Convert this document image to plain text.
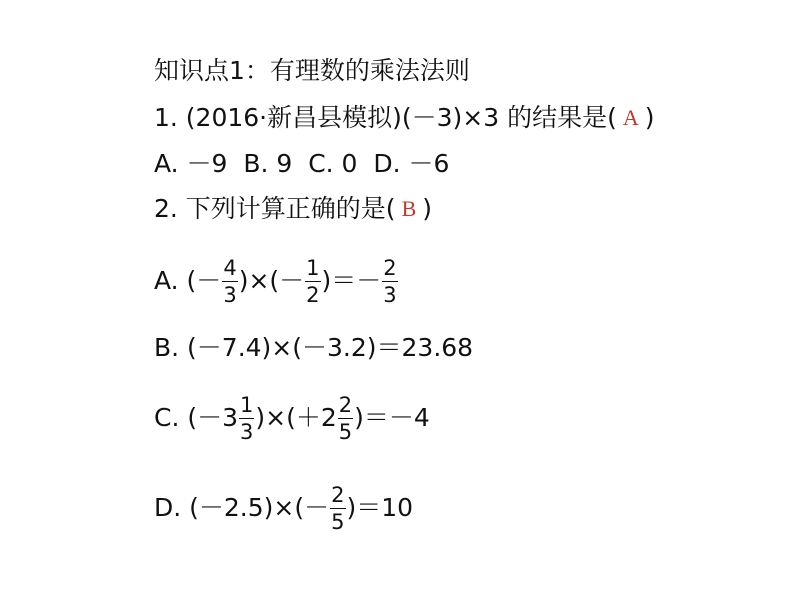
知识点1：有理数的乘法法则
1. (2016·新昌县模拟)(－3)×3 的结果是( A )
A. －9  B. 9  C. 0  D. －6
2. 下列计算正确的是( B )
A. (－ $\frac{4}{3}$ )×(－ $\frac{1}{2}$ )＝－ $\frac{2}{3}$
B. (－7.4)×(－3.2)＝23.68
C. $(-3 \frac{1}{3} )\times(+2 \frac{2}{5} )=-4$
D. $(-2.5)\times(- \frac{2}{5} )=10$
